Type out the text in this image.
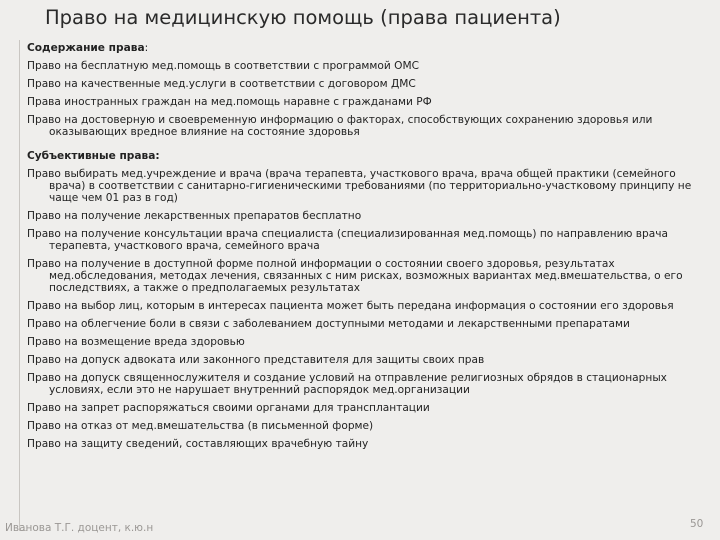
Право на медицинскую помощь (права пациента)
Содержание права:
Право на бесплатную мед.помощь в соответствии с программой ОМС
Право на качественные мед.услуги в соответствии с договором ДМС
Права иностранных граждан на мед.помощь наравне с гражданами РФ
Право на достоверную и своевременную информацию о факторах, способствующих сохранению здоровья или оказывающих вредное влияние на состояние здоровья
Субъективные права:
Право выбирать мед.учреждение и врача (врача терапевта, участкового врача, врача общей практики (семейного врача) в соответствии с санитарно-гигиеническими требованиями (по территориально-участковому принципу не чаще чем 01 раз в год)
Право на получение лекарственных препаратов бесплатно
Право на получение консультации врача специалиста (специализированная мед.помощь) по направлению врача терапевта, участкового врача, семейного врача
Право на получение в доступной форме полной информации о состоянии своего здоровья, результатах мед.обследования, методах лечения, связанных с ним рисках, возможных вариантах мед.вмешательства, о его последствиях, а также о предполагаемых результатах
Право на выбор лиц, которым в интересах пациента может быть передана информация о состоянии его здоровья
Право на облегчение боли в связи с заболеванием доступными методами и лекарственными препаратами
Право на возмещение вреда здоровью
Право на допуск адвоката или законного представителя для защиты своих прав
Право на допуск священнослужителя и создание условий на отправление религиозных обрядов в стационарных условиях, если это не нарушает внутренний распорядок мед.организации
Право на запрет распоряжаться своими органами для трансплантации
Право на отказ от мед.вмешательства (в письменной форме)
Право на защиту сведений, составляющих врачебную тайну
Иванова Т.Г. доцент, к.ю.н	50
